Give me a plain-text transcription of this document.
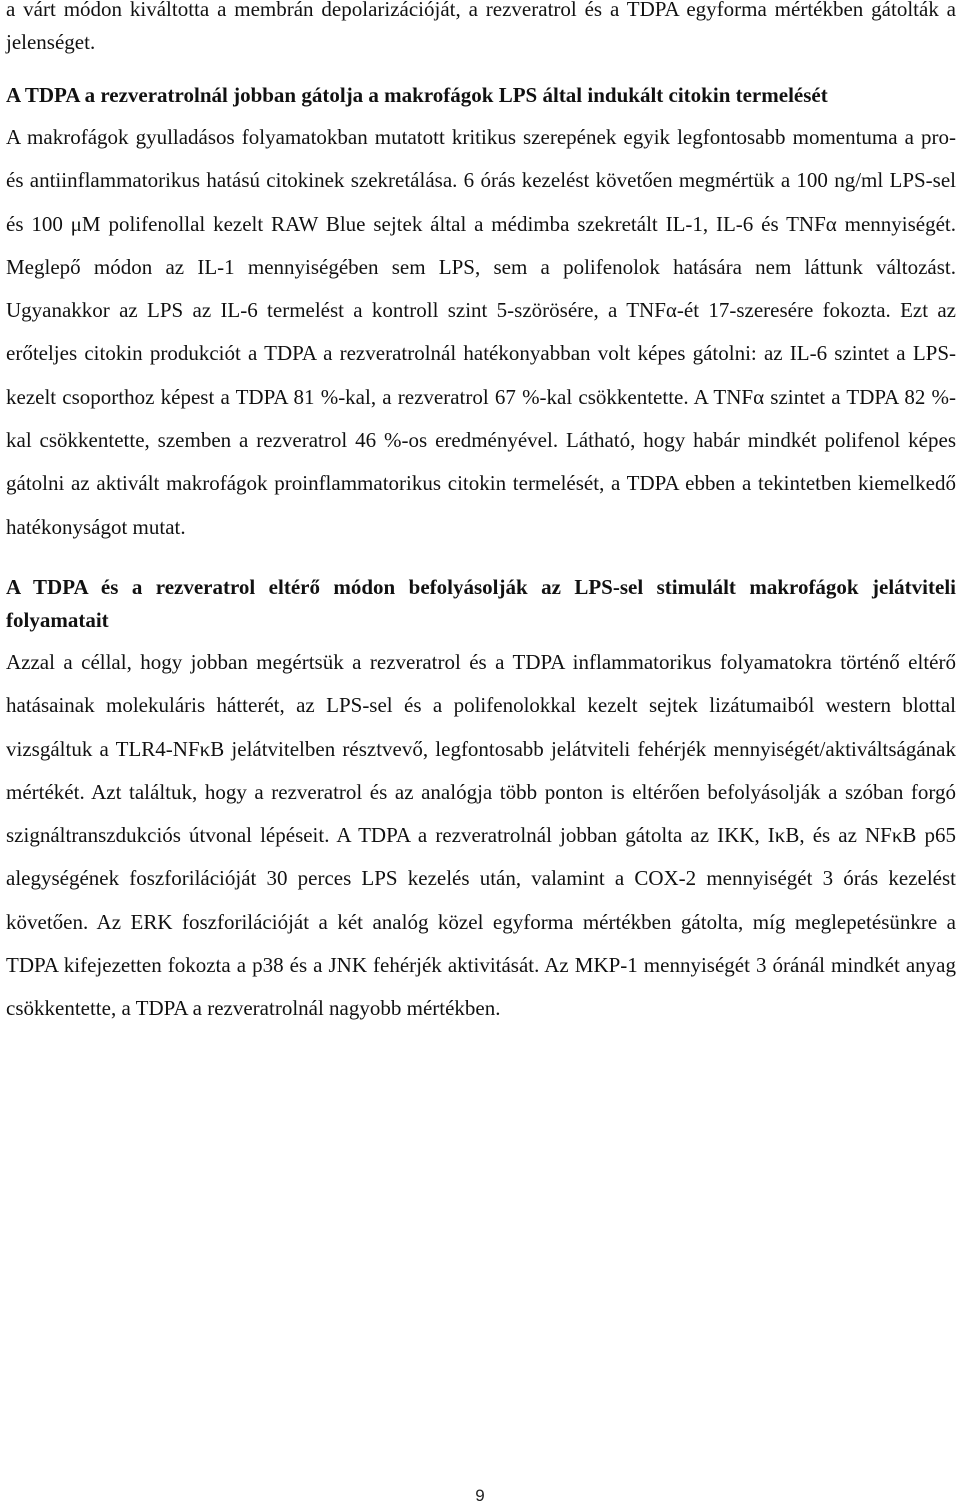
a várt módon kiváltotta a membrán depolarizációját, a rezveratrol és a TDPA egyforma mértékben gátolták a jelenséget.

A TDPA a rezveratrolnál jobban gátolja a makrofágok LPS által indukált citokin termelését

A makrofágok gyulladásos folyamatokban mutatott kritikus szerepének egyik legfontosabb momentuma a pro- és antiinflammatorikus hatású citokinek szekretálása. 6 órás kezelést követően megmértük a 100 ng/ml LPS-sel és 100 μM polifenollal kezelt RAW Blue sejtek által a médimba szekretált IL-1, IL-6 és TNFα mennyiségét. Meglepő módon az IL-1 mennyiségében sem LPS, sem a polifenolok hatására nem láttunk változást. Ugyanakkor az LPS az IL-6 termelést a kontroll szint 5-szörösére, a TNFα-ét 17-szeresére fokozta. Ezt az erőteljes citokin produkciót a TDPA a rezveratrolnál hatékonyabban volt képes gátolni: az IL-6 szintet a LPS-kezelt csoporthoz képest a TDPA 81 %-kal, a rezveratrol 67 %-kal csökkentette. A TNFα szintet a TDPA 82 %-kal csökkentette, szemben a rezveratrol 46 %-os eredményével. Látható, hogy habár mindkét polifenol képes gátolni az aktivált makrofágok proinflammatorikus citokin termelését, a TDPA ebben a tekintetben kiemelkedő hatékonyságot mutat.

A TDPA és a rezveratrol eltérő módon befolyásolják az LPS-sel stimulált makrofágok jelátviteli folyamatait

Azzal a céllal, hogy jobban megértsük a rezveratrol és a TDPA inflammatorikus folyamatokra történő eltérő hatásainak molekuláris hátterét, az LPS-sel és a polifenolokkal kezelt sejtek lizátumaiból western blottal vizsgáltuk a TLR4-NFκB jelátvitelben résztvevő, legfontosabb jelátviteli fehérjék mennyiségét/aktiváltságának mértékét. Azt találtuk, hogy a rezveratrol és az analógja több ponton is eltérően befolyásolják a szóban forgó szignáltranszdukciós útvonal lépéseit. A TDPA a rezveratrolnál jobban gátolta az IKK, IκB, és az NFκB p65 alegységének foszforilációját 30 perces LPS kezelés után, valamint a COX-2 mennyiségét 3 órás kezelést követően. Az ERK foszforilációját a két analóg közel egyforma mértékben gátolta, míg meglepetésünkre a TDPA kifejezetten fokozta a p38 és a JNK fehérjék aktivitását. Az MKP-1 mennyiségét 3 óránál mindkét anyag csökkentette, a TDPA a rezveratrolnál nagyobb mértékben.

9
